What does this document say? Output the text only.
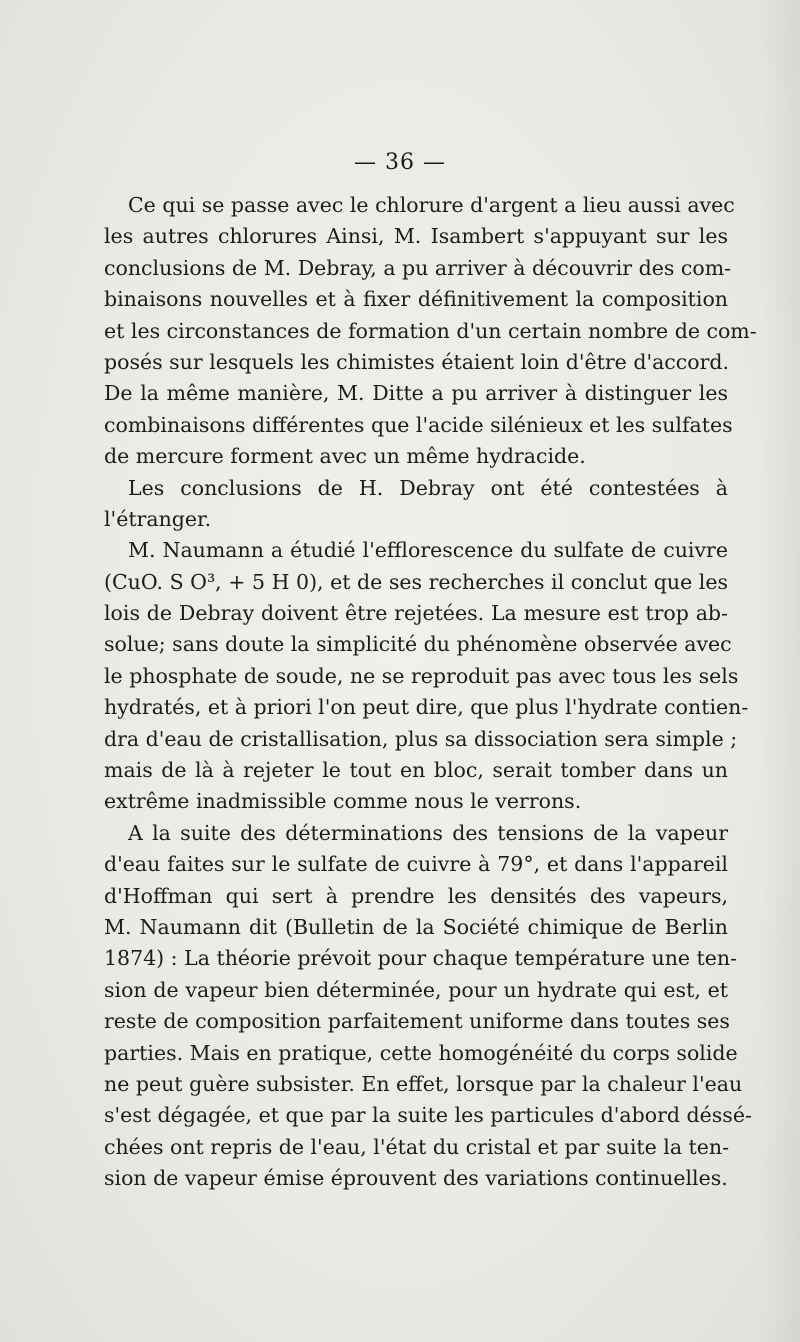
— 36 —
Ce qui se passe avec le chlorure d'argent a lieu aussi avec
les autres chlorures Ainsi, M. Isambert s'appuyant sur les
conclusions de M. Debray, a pu arriver à découvrir des com-
binaisons nouvelles et à fixer définitivement la composition
et les circonstances de formation d'un certain nombre de com-
posés sur lesquels les chimistes étaient loin d'être d'accord.
De la même manière, M. Ditte a pu arriver à distinguer les
combinaisons différentes que l'acide silénieux et les sulfates
de mercure forment avec un même hydracide.
Les conclusions de H. Debray ont été contestées à
l'étranger.
M. Naumann a étudié l'efflorescence du sulfate de cuivre
(CuO. S O³, + 5 H 0), et de ses recherches il conclut que les
lois de Debray doivent être rejetées. La mesure est trop ab-
solue; sans doute la simplicité du phénomène observée avec
le phosphate de soude, ne se reproduit pas avec tous les sels
hydratés, et à priori l'on peut dire, que plus l'hydrate contien-
dra d'eau de cristallisation, plus sa dissociation sera simple ;
mais de là à rejeter le tout en bloc, serait tomber dans un
extrême inadmissible comme nous le verrons.
A la suite des déterminations des tensions de la vapeur
d'eau faites sur le sulfate de cuivre à 79°, et dans l'appareil
d'Hoffman qui sert à prendre les densités des vapeurs,
M. Naumann dit (Bulletin de la Société chimique de Berlin
1874) : La théorie prévoit pour chaque température une ten-
sion de vapeur bien déterminée, pour un hydrate qui est, et
reste de composition parfaitement uniforme dans toutes ses
parties. Mais en pratique, cette homogénéité du corps solide
ne peut guère subsister. En effet, lorsque par la chaleur l'eau
s'est dégagée, et que par la suite les particules d'abord déssé-
chées ont repris de l'eau, l'état du cristal et par suite la ten-
sion de vapeur émise éprouvent des variations continuelles.
